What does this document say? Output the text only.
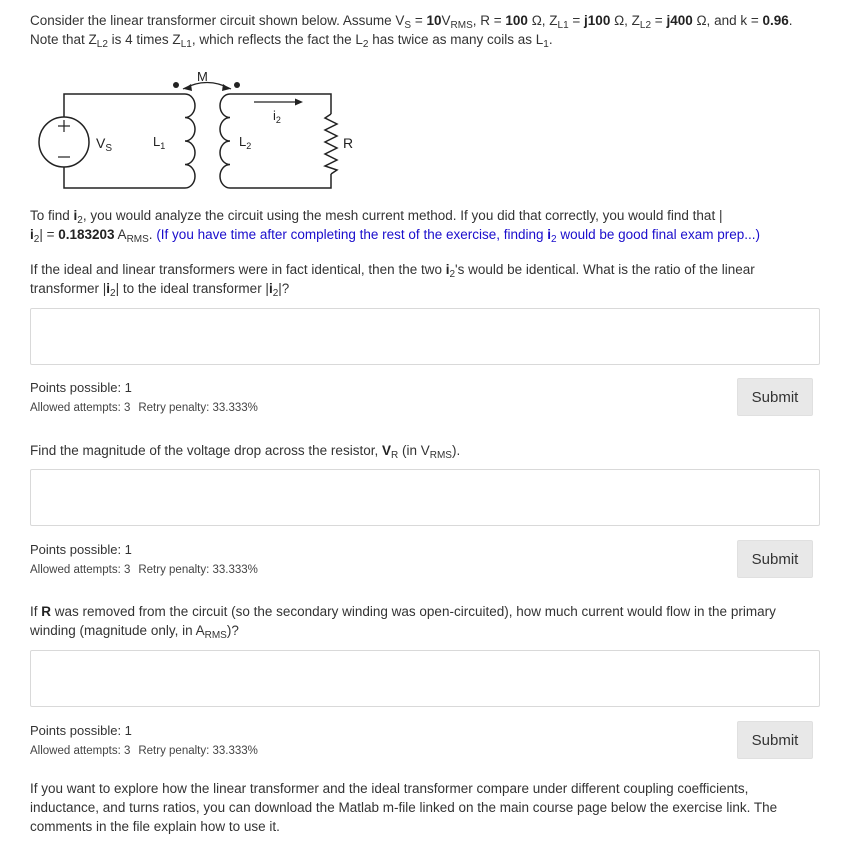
Consider the linear transformer circuit shown below. Assume $V_S = 10V_{RMS}$, R = 100 Ω, $Z_{L1} = j100$ Ω, $Z_{L2} = j400$ Ω, and k = 0.96.
Note that $Z_{L2}$ is 4 times $Z_{L1}$, which reflects the fact the $L_2$ has twice as many coils as $L_1$.
M
$V_S$	$L_1$	$L_2$
$i_2$
R
To find $i_2$, you would analyze the circuit using the mesh current method. If you did that correctly, you would find that |
$i_2| = 0.183203$ $A_{RMS}$. (If you have time after completing the rest of the exercise, finding $i_2$ would be good final exam prep...)
If the ideal and linear transformers were in fact identical, then the two $i_2's$ would be identical. What is the ratio of the linear
transformer $|i_2|$ to the ideal transformer $|i_2|$?
Points possible: 1
Allowed attempts: 3 Retry penalty: 33.333%
Submit
Find the magnitude of the voltage drop across the resistor, $V_R$ (in $V_{RMS}$).
Points possible: 1
Allowed attempts: 3 Retry penalty: 33.333%
Submit
If R was removed from the circuit (so the secondary winding was open-circuited), how much current would flow in the primary
winding (magnitude only, in $A_{RMS}$)?
Points possible: 1
Allowed attempts: 3 Retry penalty: 33.333%
Submit
If you want to explore how the linear transformer and the ideal transformer compare under different coupling coefficients,
inductance, and turns ratios, you can download the Matlab m-file linked on the main course page below the exercise link. The
comments in the file explain how to use it.
